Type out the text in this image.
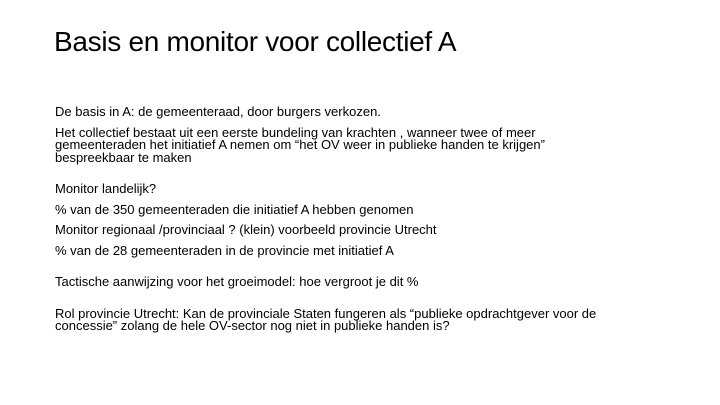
Basis en monitor voor collectief A

De basis in A: de gemeenteraad, door burgers verkozen.

Het collectief bestaat uit een eerste bundeling van krachten , wanneer twee of meer
gemeenteraden het initiatief A nemen om “het OV weer in publieke handen te krijgen”
bespreekbaar te maken

Monitor landelijk?

% van de 350 gemeenteraden die initiatief A hebben genomen

Monitor regionaal /provinciaal ? (klein) voorbeeld provincie Utrecht

% van de 28 gemeenteraden in de provincie met initiatief A

Tactische aanwijzing voor het groeimodel: hoe vergroot je dit %

Rol provincie Utrecht: Kan de provinciale Staten fungeren als “publieke opdrachtgever voor de
concessie” zolang de hele OV-sector nog niet in publieke handen is?
